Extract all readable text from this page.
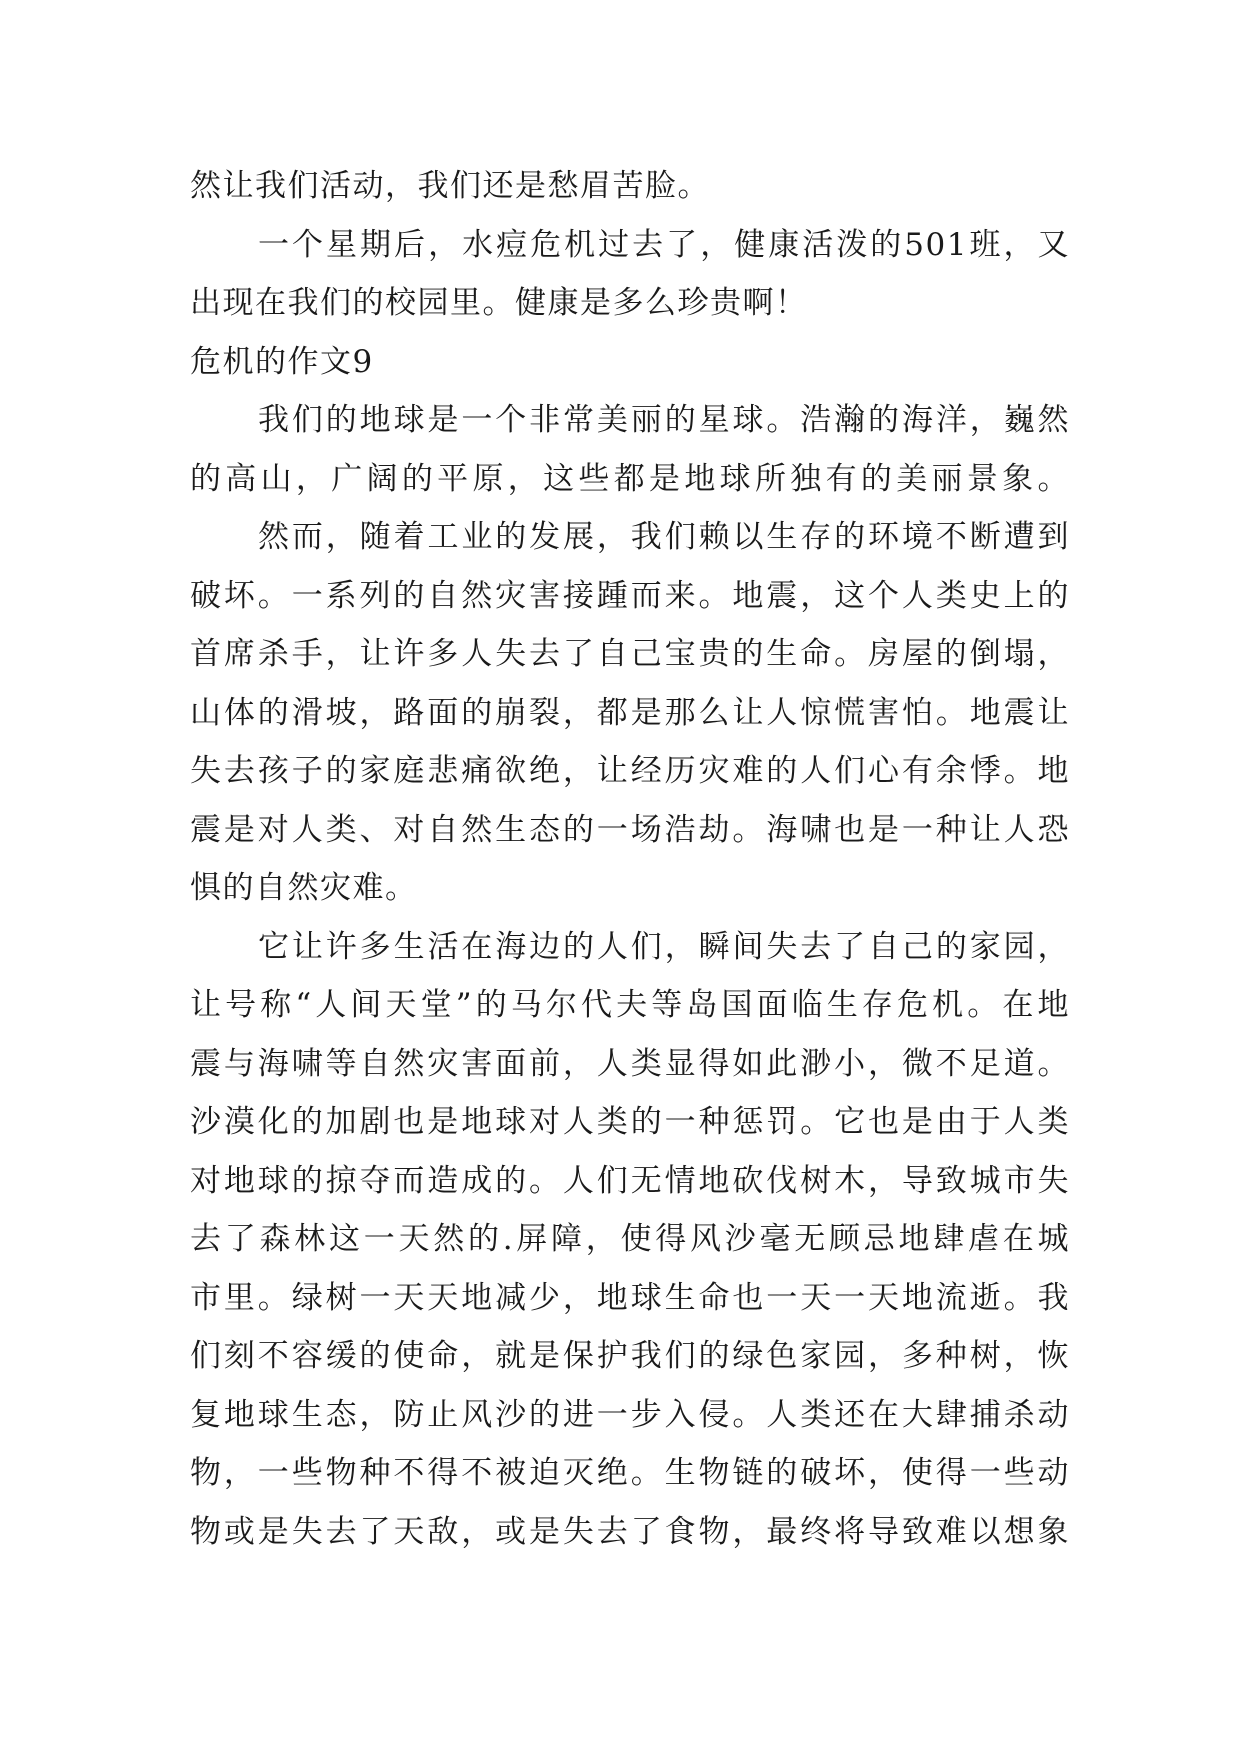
然让我们活动，我们还是愁眉苦脸。
一个星期后，水痘危机过去了，健康活泼的501班，又
出现在我们的校园里。健康是多么珍贵啊！
危机的作文9
我们的地球是一个非常美丽的星球。浩瀚的海洋，巍然
的高山，广阔的平原，这些都是地球所独有的美丽景象。
然而，随着工业的发展，我们赖以生存的环境不断遭到
破坏。一系列的自然灾害接踵而来。地震，这个人类史上的
首席杀手，让许多人失去了自己宝贵的生命。房屋的倒塌，
山体的滑坡，路面的崩裂，都是那么让人惊慌害怕。地震让
失去孩子的家庭悲痛欲绝，让经历灾难的人们心有余悸。地
震是对人类、对自然生态的一场浩劫。海啸也是一种让人恐
惧的自然灾难。
它让许多生活在海边的人们，瞬间失去了自己的家园，
让号称“人间天堂”的马尔代夫等岛国面临生存危机。在地
震与海啸等自然灾害面前，人类显得如此渺小，微不足道。
沙漠化的加剧也是地球对人类的一种惩罚。它也是由于人类
对地球的掠夺而造成的。人们无情地砍伐树木，导致城市失
去了森林这一天然的.屏障，使得风沙毫无顾忌地肆虐在城
市里。绿树一天天地减少，地球生命也一天一天地流逝。我
们刻不容缓的使命，就是保护我们的绿色家园，多种树，恢
复地球生态，防止风沙的进一步入侵。人类还在大肆捕杀动
物，一些物种不得不被迫灭绝。生物链的破坏，使得一些动
物或是失去了天敌，或是失去了食物，最终将导致难以想象
